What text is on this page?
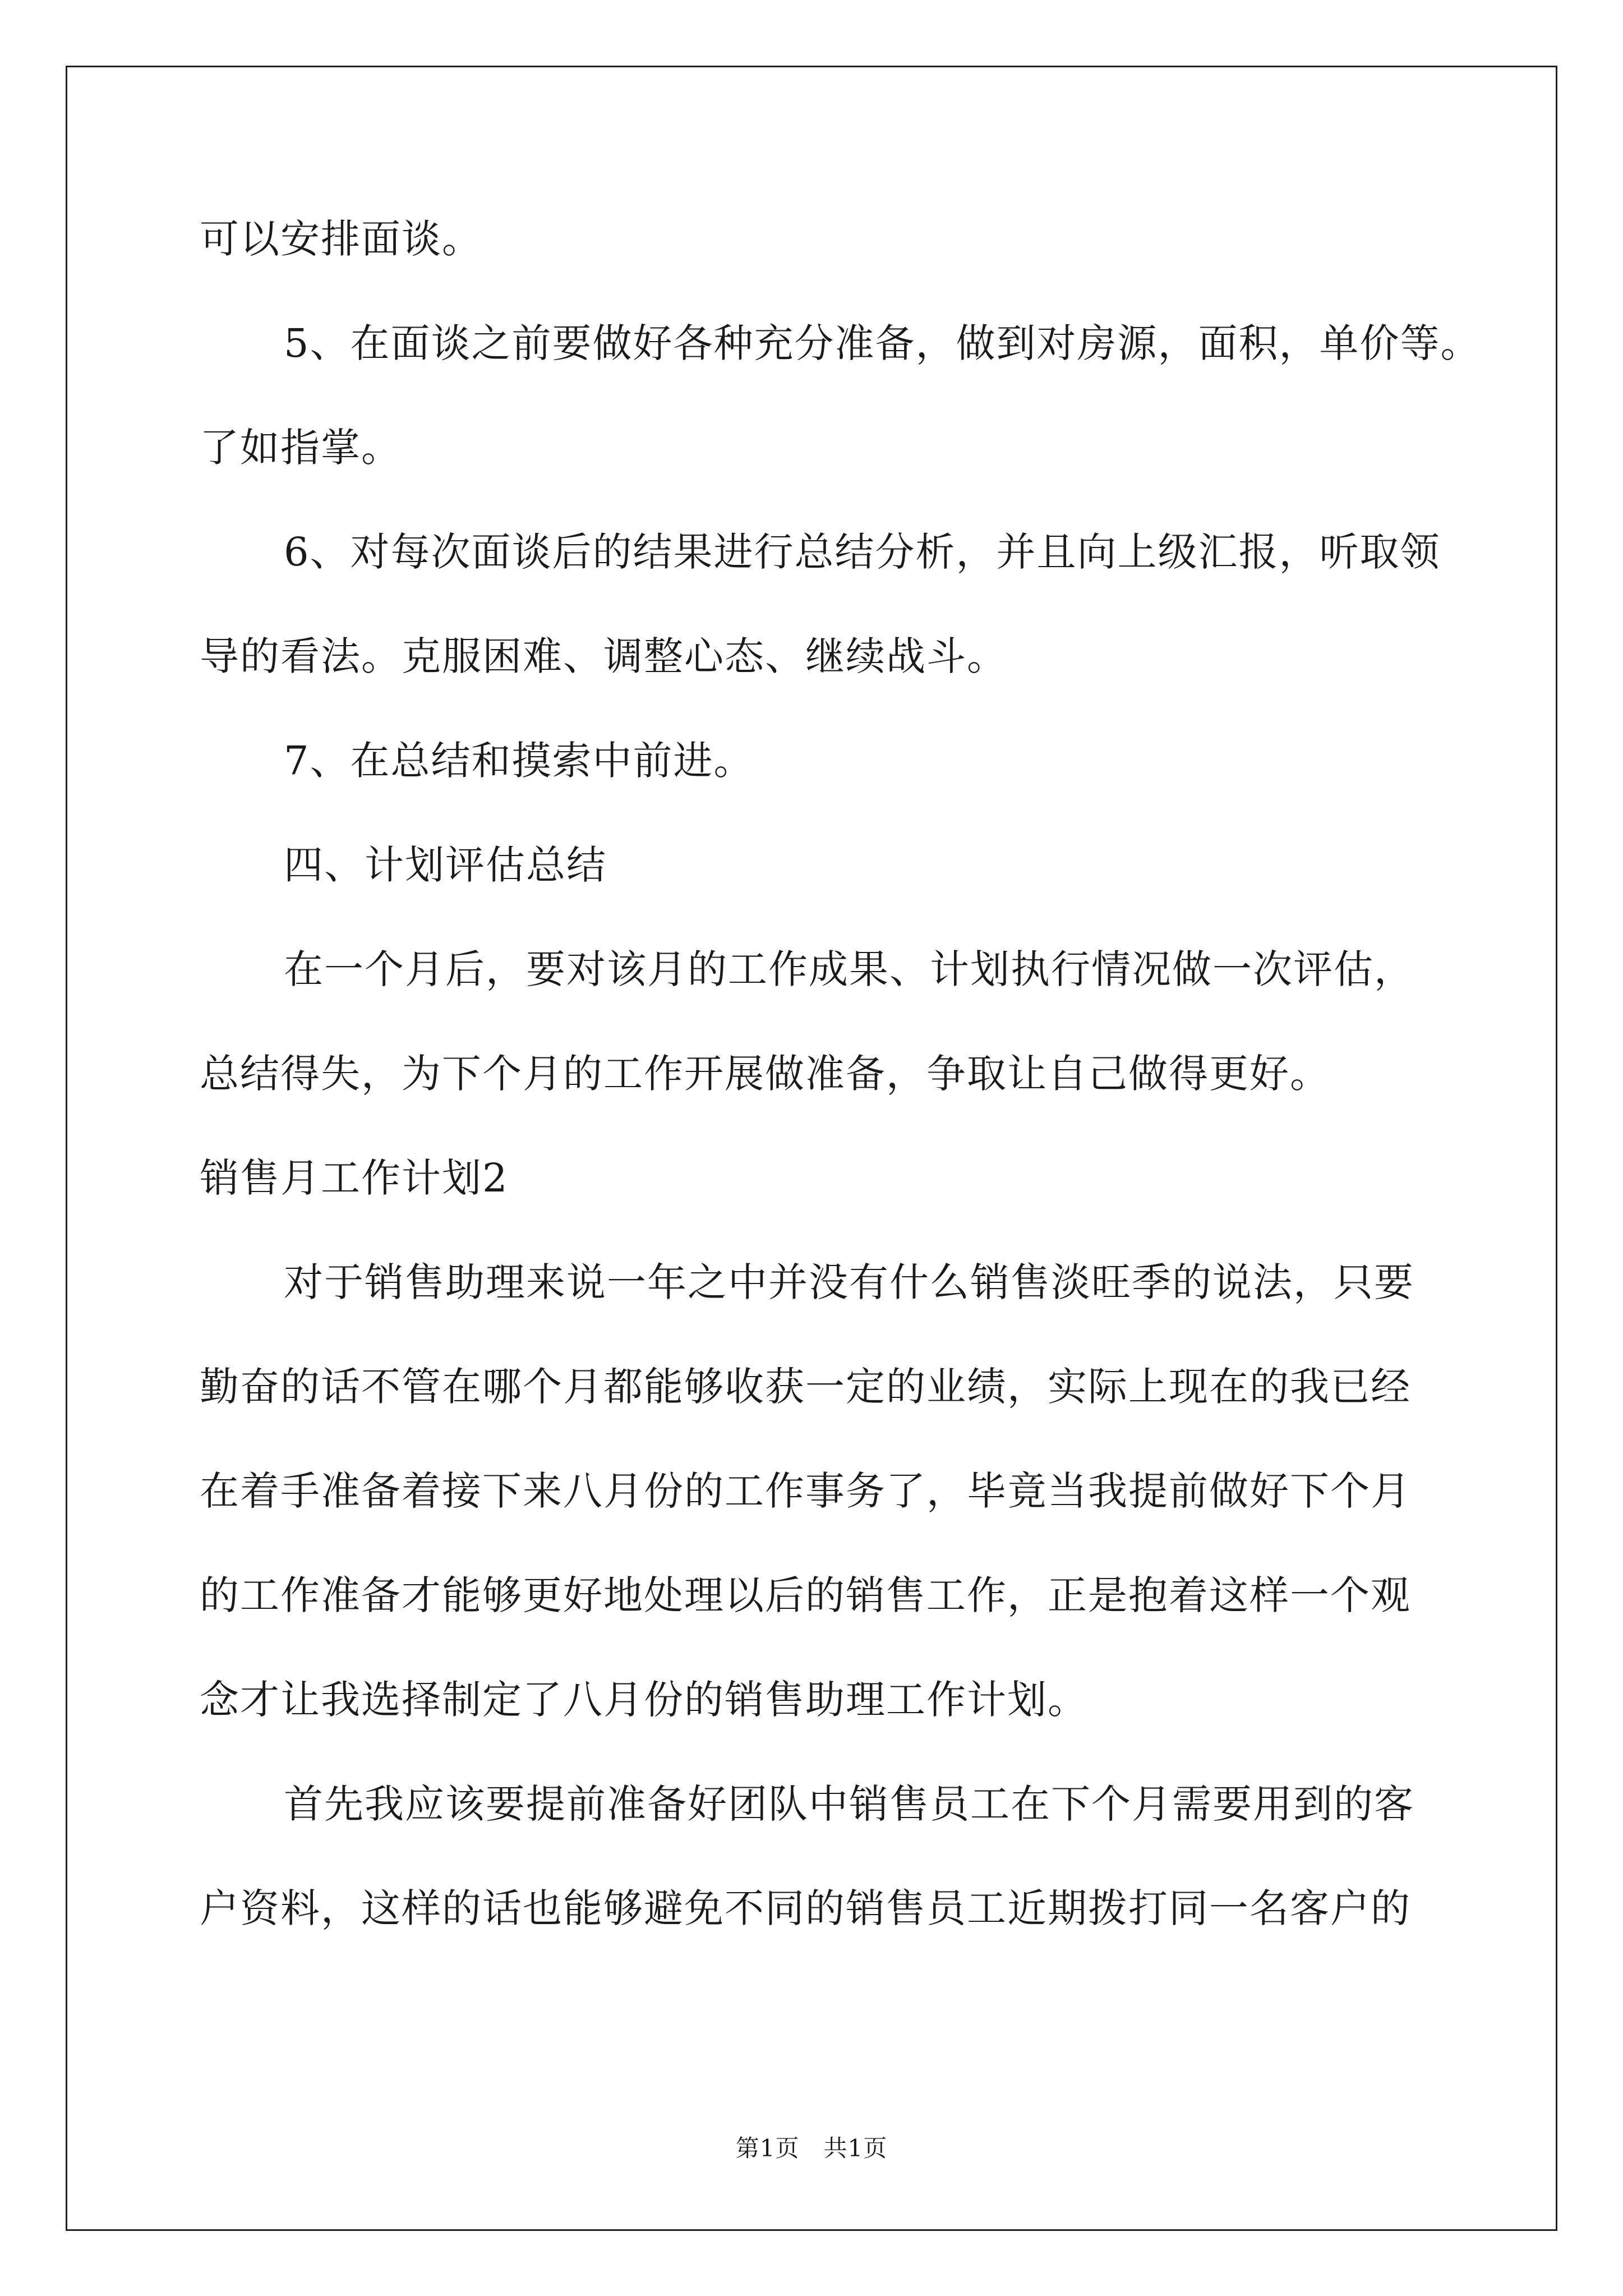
可以安排面谈。
5、在面谈之前要做好各种充分准备，做到对房源，面积，单价等。
了如指掌。
6、对每次面谈后的结果进行总结分析，并且向上级汇报，听取领
导的看法。克服困难、调整心态、继续战斗。
7、在总结和摸索中前进。
四、计划评估总结
在一个月后，要对该月的工作成果、计划执行情况做一次评估，
总结得失，为下个月的工作开展做准备，争取让自己做得更好。
销售月工作计划2
对于销售助理来说一年之中并没有什么销售淡旺季的说法，只要
勤奋的话不管在哪个月都能够收获一定的业绩，实际上现在的我已经
在着手准备着接下来八月份的工作事务了，毕竟当我提前做好下个月
的工作准备才能够更好地处理以后的销售工作，正是抱着这样一个观
念才让我选择制定了八月份的销售助理工作计划。
首先我应该要提前准备好团队中销售员工在下个月需要用到的客
户资料，这样的话也能够避免不同的销售员工近期拨打同一名客户的
第1页　共1页
